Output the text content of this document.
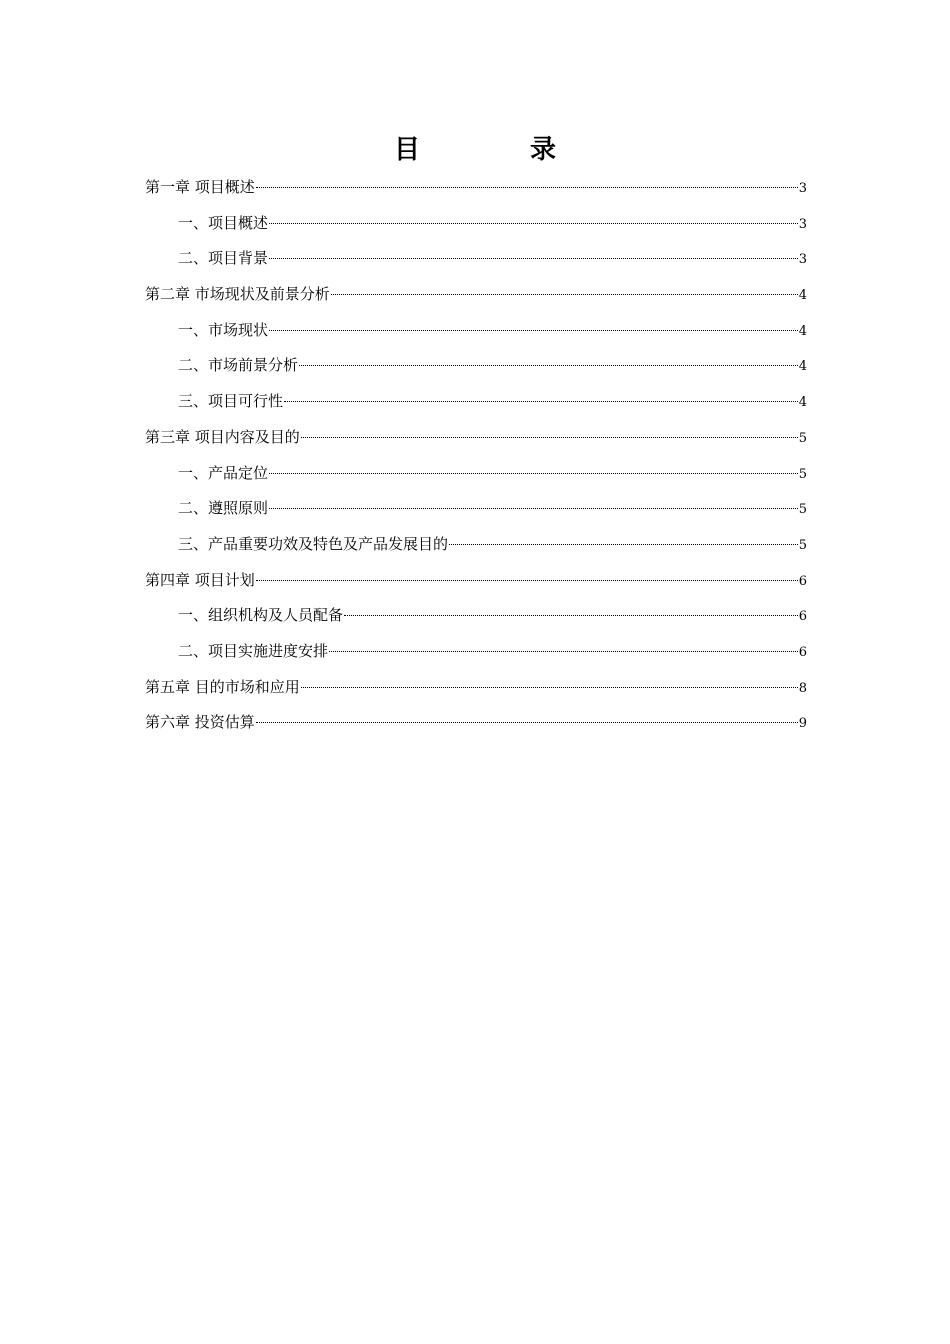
目	录
第一章 项目概述	3
一、项目概述	3
二、项目背景	3
第二章 市场现状及前景分析	4
一、市场现状	4
二、市场前景分析	4
三、项目可行性	4
第三章 项目内容及目的	5
一、产品定位	5
二、遵照原则	5
三、产品重要功效及特色及产品发展目的	5
第四章 项目计划	6
一、组织机构及人员配备	6
二、项目实施进度安排	6
第五章 目的市场和应用	8
第六章 投资估算	9
